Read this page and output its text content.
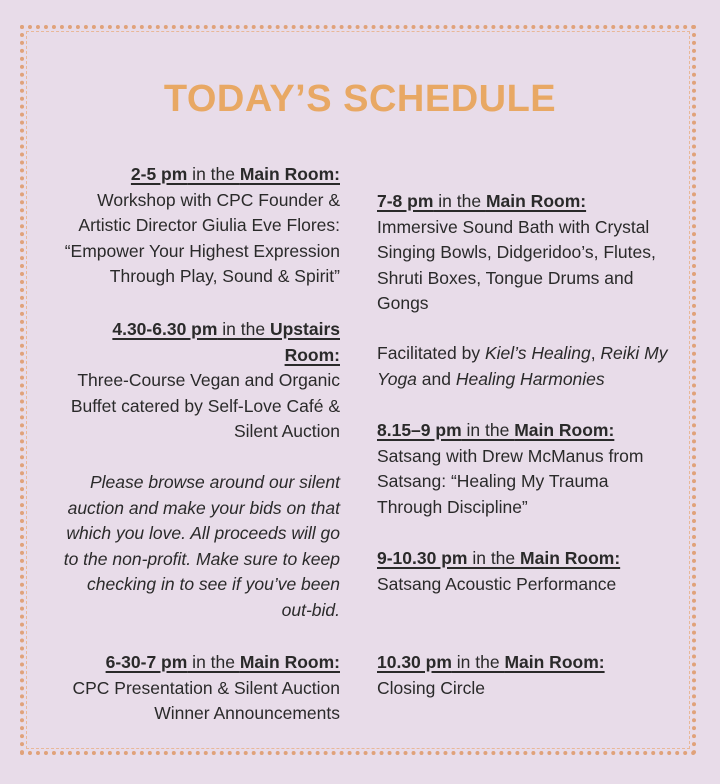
TODAY’S SCHEDULE

2-5 pm in the Main Room:

Workshop with CPC Founder &

Artistic Director Giulia Eve Flores:

“Empower Your Highest Expression

Through Play, Sound & Spirit”

4.30-6.30 pm in the Upstairs

Room:

Three-Course Vegan and Organic

Buffet catered by Self-Love Café &

Silent Auction

Please browse around our silent

auction and make your bids on that

which you love. All proceeds will go

to the non-profit. Make sure to keep

checking in to see if you’ve been

out-bid.

6-30-7 pm in the Main Room:

CPC Presentation & Silent Auction

Winner Announcements

7-8 pm in the Main Room:

Immersive Sound Bath with Crystal

Singing Bowls, Didgeridoo’s, Flutes,

Shruti Boxes, Tongue Drums and

Gongs

Facilitated by Kiel’s Healing, Reiki My

Yoga and Healing Harmonies

8.15–9 pm in the Main Room:

Satsang with Drew McManus from

Satsang: “Healing My Trauma

Through Discipline”

9-10.30 pm in the Main Room:

Satsang Acoustic Performance

10.30 pm in the Main Room:

Closing Circle
